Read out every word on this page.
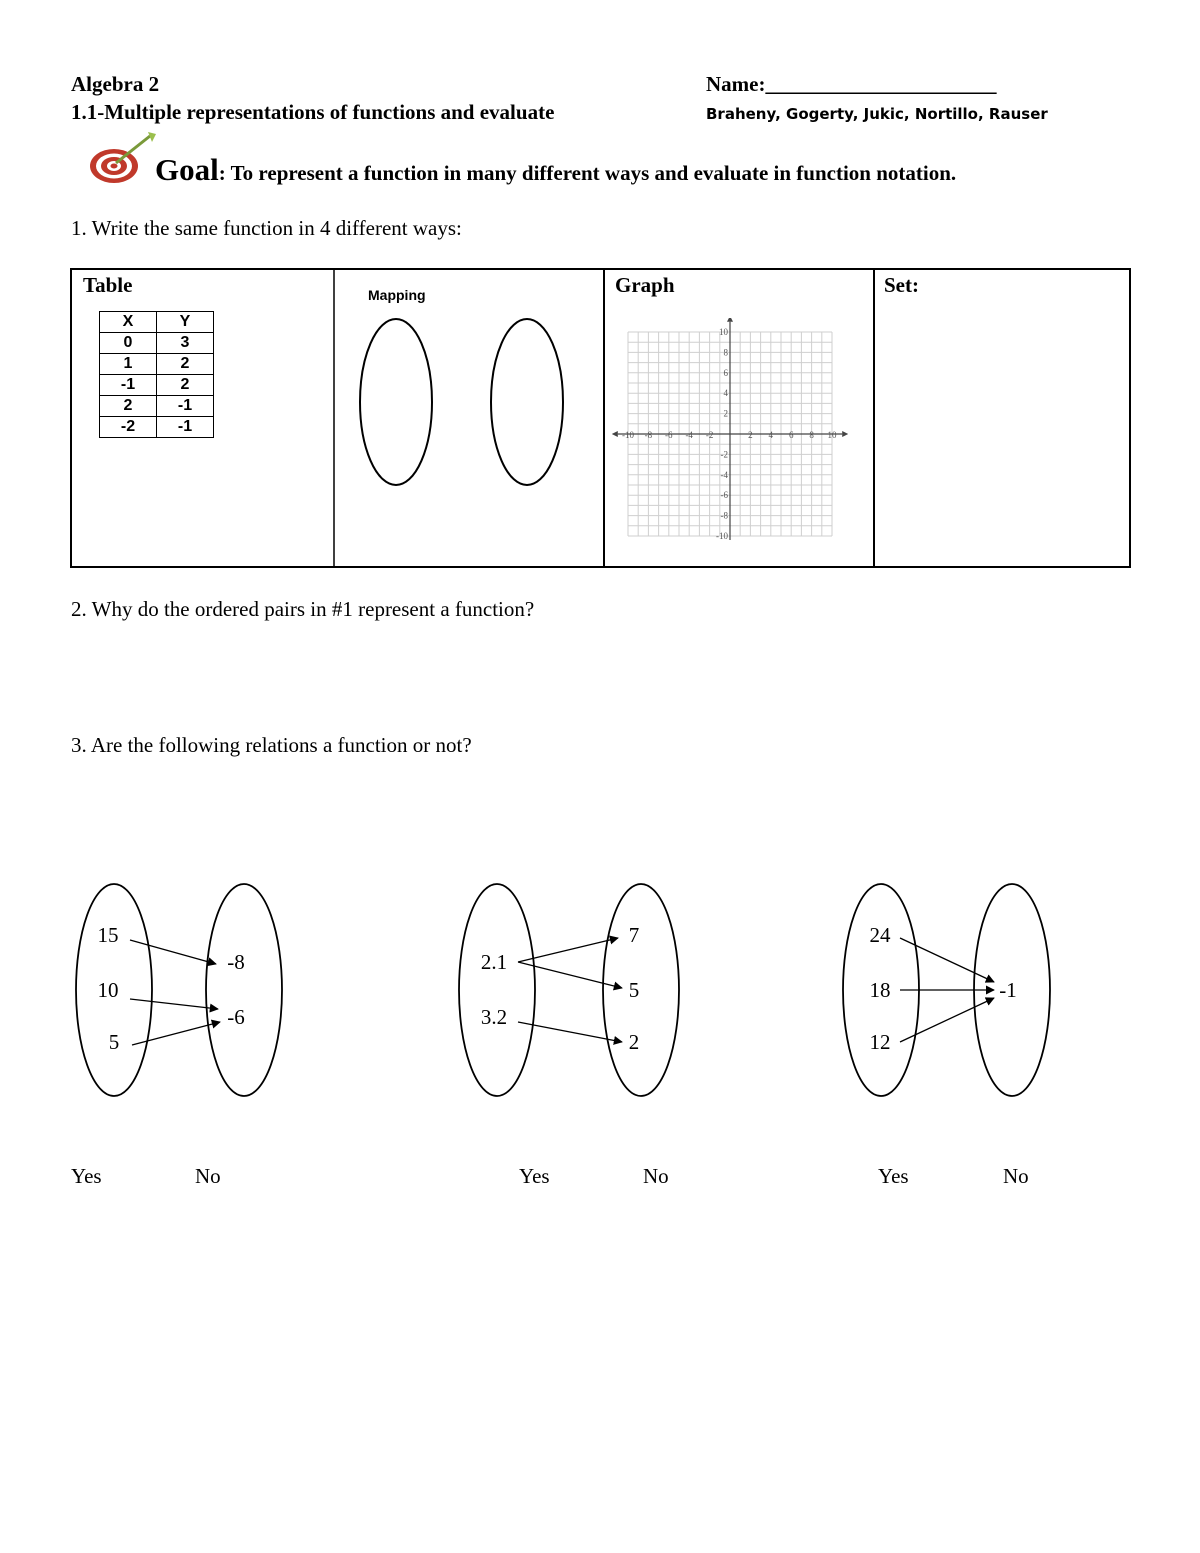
Algebra 2
1.1-Multiple representations of functions and evaluate
Name:______________________
Braheny, Gogerty, Jukic, Nortillo, Rauser
Goal: To represent a function in many different ways and evaluate in function notation.
1. Write the same function in 4 different ways:
Table	Mapping	Graph	Set:
X	Y
0	3
1	2
-1	2
2	-1
-2	-1	-10 -8 -6 -4 -2	2 4 6 8 10
10
8
6
4
2
-2
-4
-6
-8
-10
2. Why do the ordered pairs in #1 represent a function?
3. Are the following relations a function or not?
15
10
5
-8
-6
2.1
3.2
7
5
2
24
18
12
-1
Yes	No	Yes	No	Yes	No
